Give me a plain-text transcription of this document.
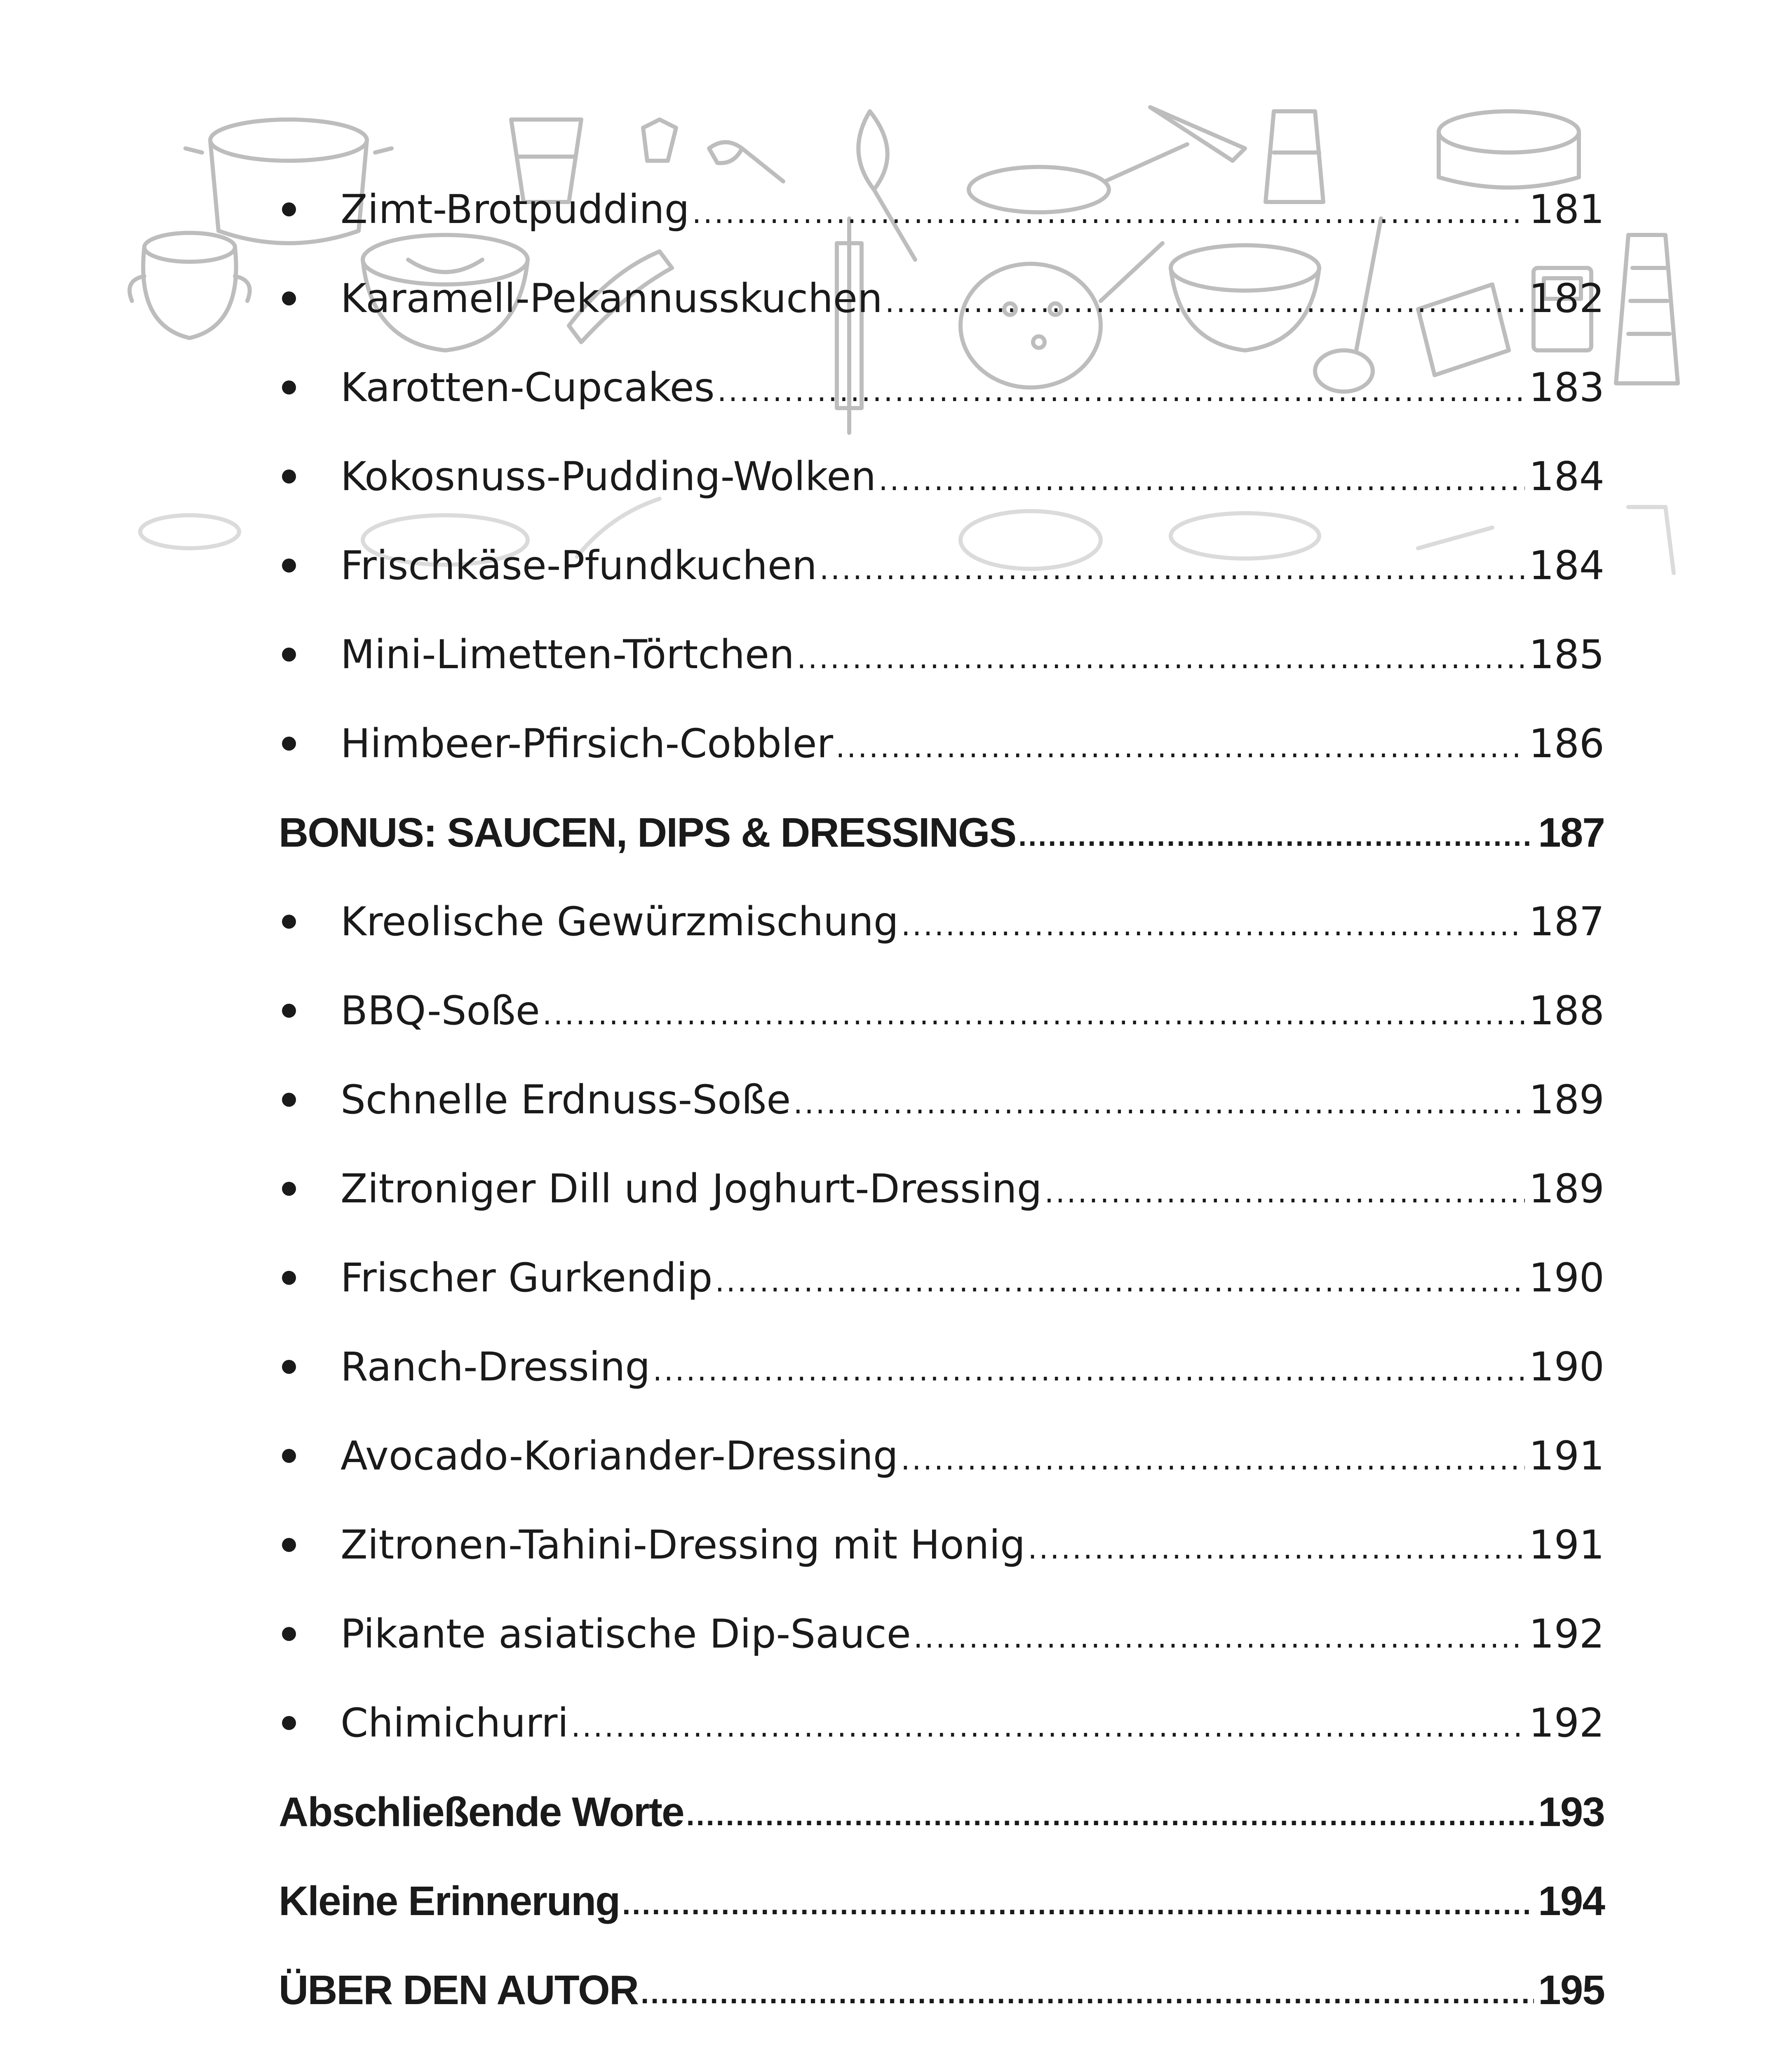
Zimt-Brotpudding .....	181
Karamell-Pekannusskuchen .....	182
Karotten-Cupcakes .....	183
Kokosnuss-Pudding-Wolken .....	184
Frischkäse-Pfundkuchen .....	184
Mini-Limetten-Törtchen .....	185
Himbeer-Pfirsich-Cobbler .....	186
BONUS: SAUCEN, DIPS & DRESSINGS .....	187
Kreolische Gewürzmischung .....	187
BBQ-Soße .....	188
Schnelle Erdnuss-Soße .....	189
Zitroniger Dill und Joghurt-Dressing .....	189
Frischer Gurkendip .....	190
Ranch-Dressing .....	190
Avocado-Koriander-Dressing .....	191
Zitronen-Tahini-Dressing mit Honig .....	191
Pikante asiatische Dip-Sauce .....	192
Chimichurri .....	192
Abschließende Worte .....	193
Kleine Erinnerung .....	194
ÜBER DEN AUTOR .....	195
